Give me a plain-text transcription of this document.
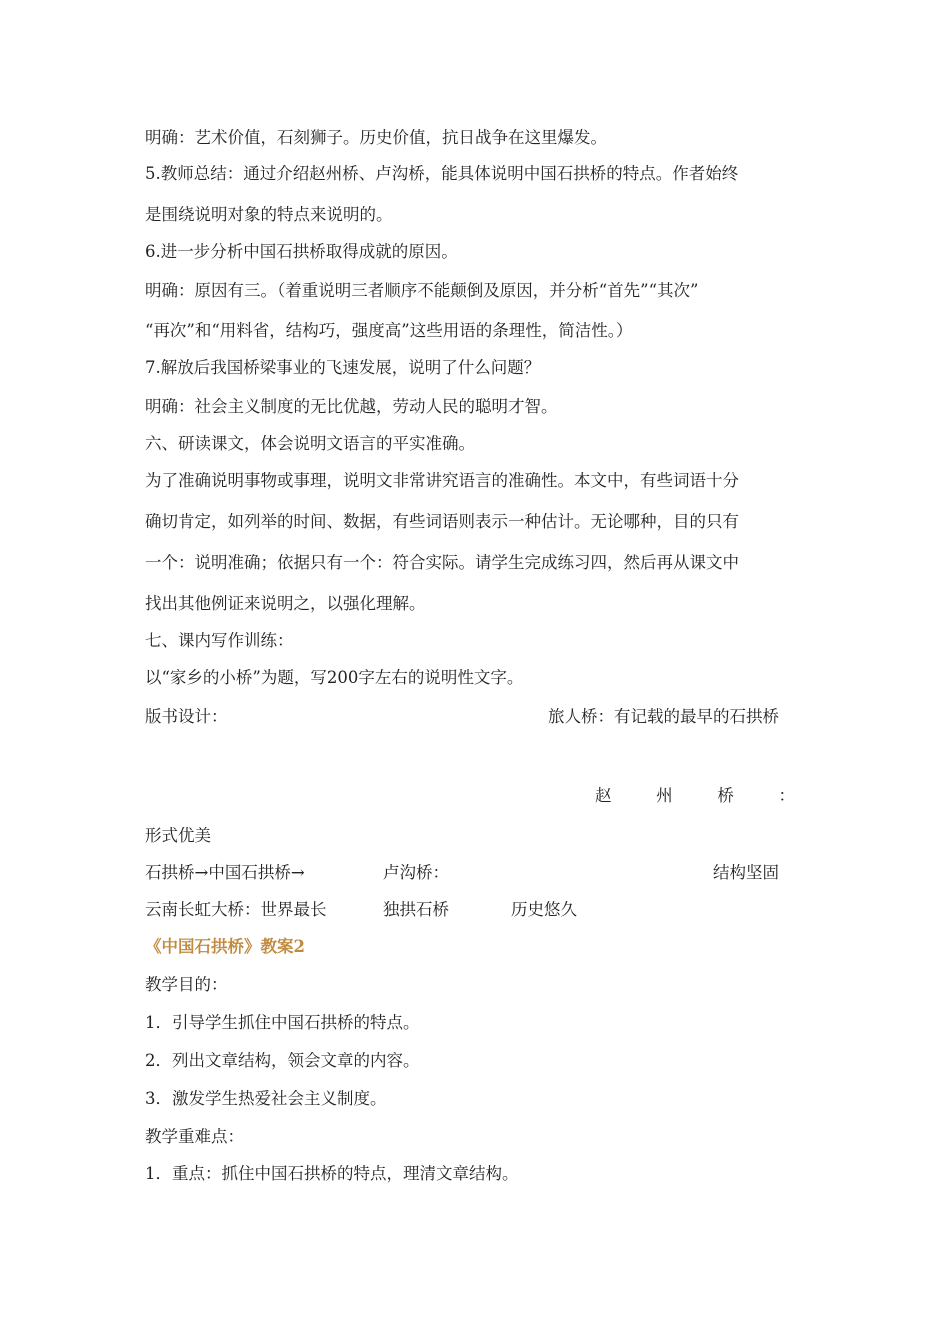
明确：艺术价值，石刻狮子。历史价值，抗日战争在这里爆发。
5.教师总结：通过介绍赵州桥、卢沟桥，能具体说明中国石拱桥的特点。作者始终
是围绕说明对象的特点来说明的。
6.进一步分析中国石拱桥取得成就的原因。
明确：原因有三。（着重说明三者顺序不能颠倒及原因，并分析“首先”“其次”
“再次”和“用料省，结构巧，强度高”这些用语的条理性，简洁性。）
7.解放后我国桥梁事业的飞速发展，说明了什么问题？
明确：社会主义制度的无比优越，劳动人民的聪明才智。
六、研读课文，体会说明文语言的平实准确。
为了准确说明事物或事理，说明文非常讲究语言的准确性。本文中，有些词语十分
确切肯定，如列举的时间、数据，有些词语则表示一种估计。无论哪种，目的只有
一个：说明准确；依据只有一个：符合实际。请学生完成练习四，然后再从课文中
找出其他例证来说明之，以强化理解。
七、课内写作训练：
以“家乡的小桥”为题，写200字左右的说明性文字。
版书设计：	旅人桥：有记载的最早的石拱桥
赵	州	桥	：
形式优美
石拱桥→中国石拱桥→	卢沟桥：	结构坚固
云南长虹大桥：世界最长	独拱石桥	历史悠久
《中国石拱桥》教案2
教学目的：
1．引导学生抓住中国石拱桥的特点。
2．列出文章结构，领会文章的内容。
3．激发学生热爱社会主义制度。
教学重难点：
1．重点：抓住中国石拱桥的特点，理清文章结构。
